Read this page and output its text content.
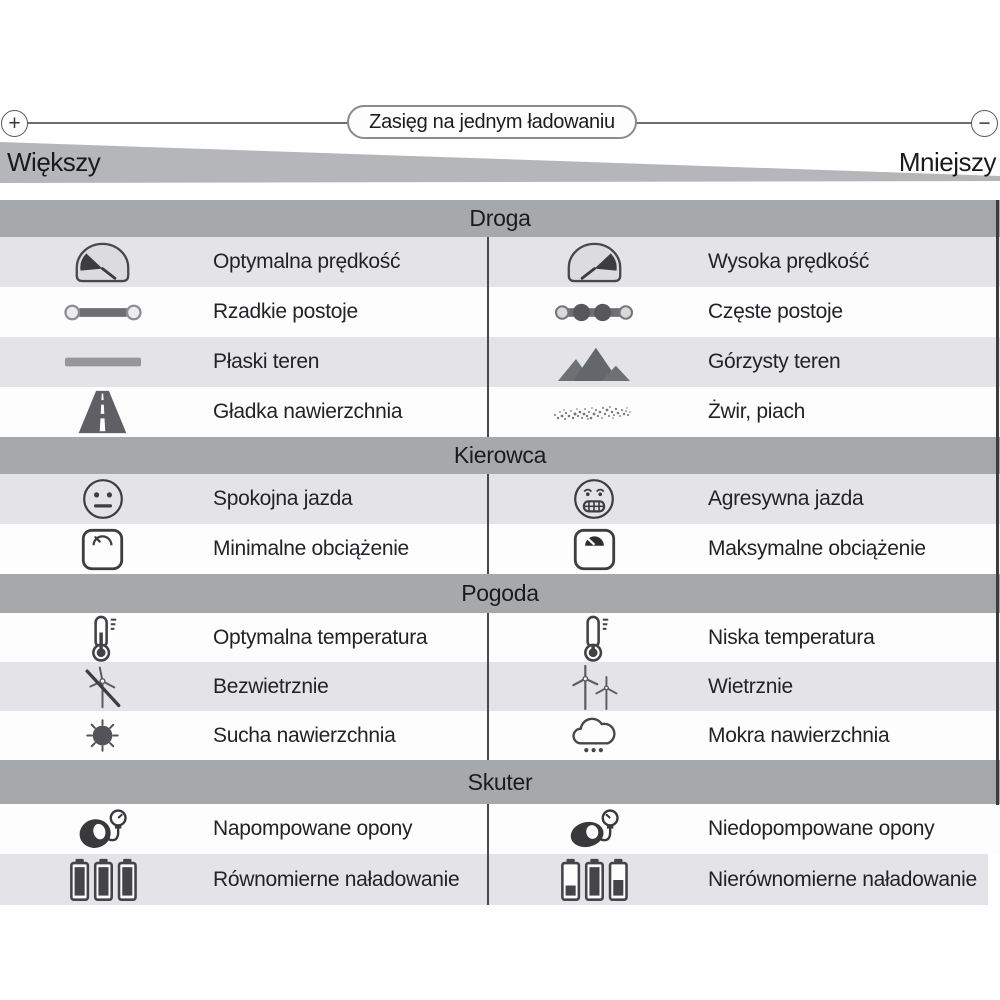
+	−
Zasięg na jednym ładowaniu
Większy	Mniejszy
Droga
Optymalna prędkość	Wysoka prędkość
Rzadkie postoje	Częste postoje
Płaski teren	Górzysty teren
Gładka nawierzchnia	Żwir, piach
Kierowca
Spokojna jazda	Agresywna jazda
Minimalne obciążenie	Maksymalne obciążenie
Pogoda
Optymalna temperatura	Niska temperatura
Bezwietrznie	Wietrznie
Sucha nawierzchnia	Mokra nawierzchnia
Skuter
Napompowane opony	Niedopompowane opony
Równomierne naładowanie	Nierównomierne naładowanie
